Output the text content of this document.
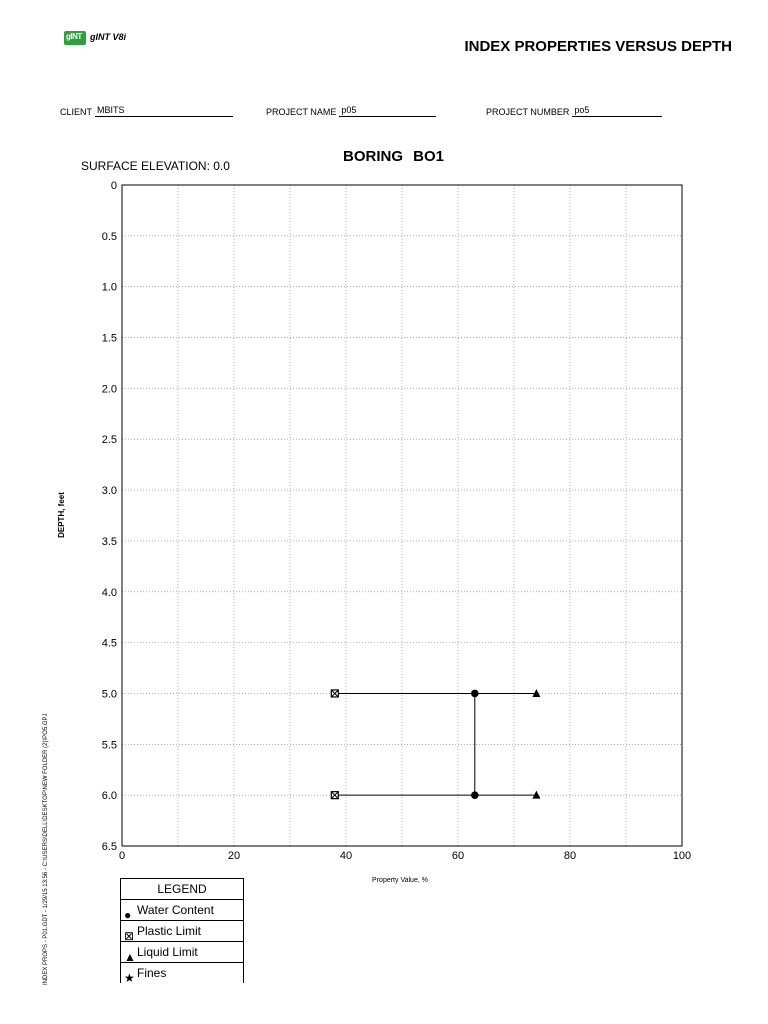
gINT gINT V8i
INDEX PROPERTIES VERSUS DEPTH
CLIENT MBITS	PROJECT NAME p05	PROJECT NUMBER po5
SURFACE ELEVATION: 0.0
BORING BO1
INDEX PROPS - P01.GDT - 1/29/15 13:56 - C:\USERS\DELL\DESKTOP\NEW FOLDER (2)\PO5.GPJ
0
0.5
1.0
1.5
2.0
2.5
3.0
3.5
4.0
4.5
5.0
5.5
6.0
6.5
0	20	40	60	80	100
Property Value, %
DEPTH, feet
LEGEND
● Water Content
⊠ Plastic Limit
▲ Liquid Limit
★ Fines
